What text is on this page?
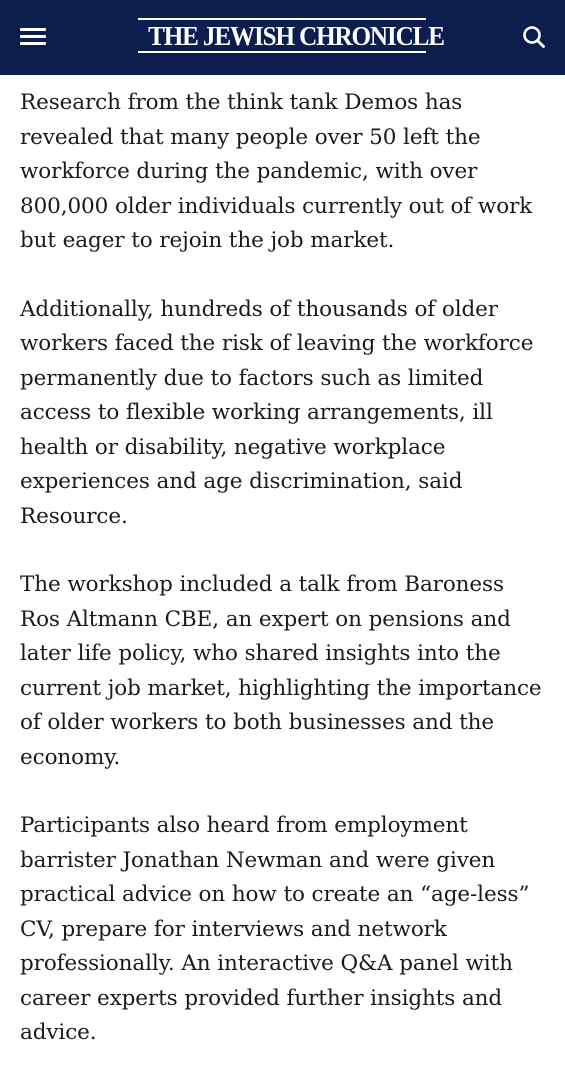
THE JEWISH CHRONICLE

Research from the think tank Demos has revealed that many people over 50 left the workforce during the pandemic, with over 800,000 older individuals currently out of work but eager to rejoin the job market.

Additionally, hundreds of thousands of older workers faced the risk of leaving the workforce permanently due to factors such as limited access to flexible working arrangements, ill health or disability, negative workplace experiences and age discrimination, said Resource.

The workshop included a talk from Baroness Ros Altmann CBE, an expert on pensions and later life policy, who shared insights into the current job market, highlighting the importance of older workers to both businesses and the economy.

Participants also heard from employment barrister Jonathan Newman and were given practical advice on how to create an “age-less” CV, prepare for interviews and network professionally. An interactive Q&A panel with career experts provided further insights and advice.
